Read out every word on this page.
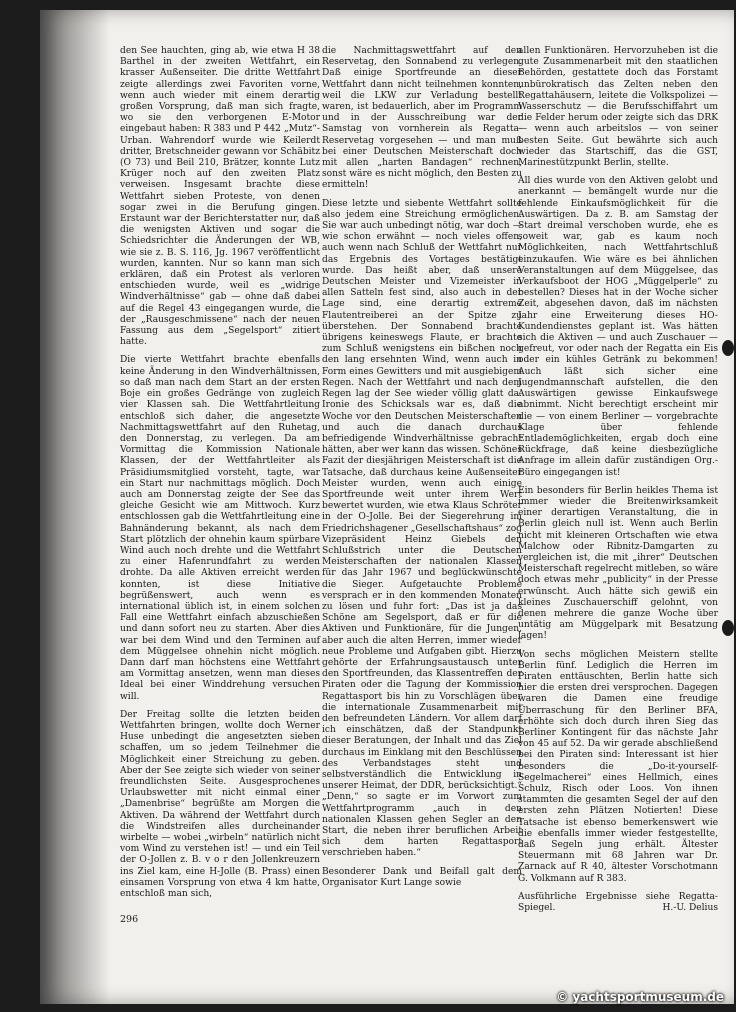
den See hauchten, ging ab, wie etwa H 38 Barthel in der zweiten Wettfahrt, ein krasser Außenseiter. Die dritte Wettfahrt zeigte allerdings zwei Favoriten vorne, wenn auch wieder mit einem derartig großen Vorsprung, daß man sich fragte, wo sie den verborgenen E-Motor eingebaut haben: R 383 und P 442 „Mutz“-Urban. Wahrendorf wurde wie Keilerdt dritter, Bretschneider gewann vor Schäbitz (O 73) und Beil 210, Brätzer, konnte Lutz Krüger noch auf den zweiten Platz verweisen. Insgesamt brachte diese Wettfahrt sieben Proteste, von denen sogar zwei in die Berufung gingen. Erstaunt war der Berichterstatter nur, daß die wenigsten Aktiven und sogar die Schiedsrichter die Änderungen der WB, wie sie z. B. S. 116, Jg. 1967 veröffentlicht wurden, kannten. Nur so kann man sich erklären, daß ein Protest als verloren entschieden wurde, weil es „widrige Windverhältnisse“ gab — ohne daß dabei auf die Regel 43 eingegangen wurde, die der „Rausgeschmissene“ nach der neuen Fassung aus dem „Segelsport“ zitiert hatte.

Die vierte Wettfahrt brachte ebenfalls keine Änderung in den Windverhältnissen, so daß man nach dem Start an der ersten Boje ein großes Gedränge von zugleich vier Klassen sah. Die Wettfahrtleitung entschloß sich daher, die angesetzte Nachmittagswettfahrt auf den Ruhetag, den Donnerstag, zu verlegen. Da am Vormittag die Kommission Nationale Klassen, der der Wettfahrtleiter als Präsidiumsmitglied vorsteht, tagte, war ein Start nur nachmittags möglich. Doch auch am Donnerstag zeigte der See das gleiche Gesicht wie am Mittwoch. Kurz entschlossen gab die Wettfahrtleitung eine Bahnänderung bekannt, als nach dem Start plötzlich der ohnehin kaum spürbare Wind auch noch drehte und die Wettfahrt zu einer Hafenrundfahrt zu werden drohte. Da alle Aktiven erreicht werden konnten, ist diese Initiative begrüßenswert, auch wenn es international üblich ist, in einem solchen Fall eine Wettfahrt einfach abzuschießen und dann sofort neu zu starten. Aber dies war bei dem Wind und den Terminen auf dem Müggelsee ohnehin nicht möglich. Dann darf man höchstens eine Wettfahrt am Vormittag ansetzen, wenn man dieses Ideal bei einer Winddrehung versuchen will.

Der Freitag sollte die letzten beiden Wettfahrten bringen, wollte doch Werner Huse unbedingt die angesetzten sieben schaffen, um so jedem Teilnehmer die Möglichkeit einer Streichung zu geben. Aber der See zeigte sich wieder von seiner freundlichsten Seite. Ausgesprochenes Urlaubswetter mit nicht einmal einer „Damenbrise“ begrüßte am Morgen die Aktiven. Da während der Wettfahrt durch die Windstreifen alles durcheinander wirbelte — wobei „wirbeln“ natürlich nicht vom Wind zu verstehen ist! — und ein Teil der O-Jollen z. B. v o r den Jollenkreuzern ins Ziel kam, eine H-Jolle (B. Prass) einen einsamen Vorsprung von etwa 4 km hatte, entschloß man sich,

die Nachmittagswettfahrt auf den Reservetag, den Sonnabend zu verlegen. Daß einige Sportfreunde an dieser Wettfahrt dann nicht teilnehmen konnten, weil die LKW zur Verladung bestellt waren, ist bedauerlich, aber im Programm und in der Ausschreibung war der Samstag von vornherein als Regatta-Reservetag vorgesehen — und man muß bei einer Deutschen Meisterschaft doch mit allen „harten Bandagen“ rechnen, sonst wäre es nicht möglich, den Besten zu ermitteln!

Diese letzte und siebente Wettfahrt sollte also jedem eine Streichung ermöglichen. Sie war auch unbedingt nötig, war doch — wie schon erwähnt — noch vieles offen, auch wenn nach Schluß der Wettfahrt nur das Ergebnis des Vortages bestätigt wurde. Das heißt aber, daß unsere Deutschen Meister und Vizemeister in allen Satteln fest sind, also auch in der Lage sind, eine derartig extreme Flautentreiberei an der Spitze zu überstehen. Der Sonnabend brachte übrigens keineswegs Flaute, er brachte zum Schluß wenigstens ein bißchen noch den lang ersehnten Wind, wenn auch in Form eines Gewitters und mit ausgiebigem Regen. Nach der Wettfahrt und nach dem Regen lag der See wieder völlig glatt da. Ironie des Schicksals war es, daß die Woche vor den Deutschen Meisterschaften und auch die danach durchaus befriedigende Windverhältnisse gebracht hätten, aber wer kann das wissen. Schönes Fazit der diesjährigen Meisterschaft ist die Tatsache, daß durchaus keine Außenseiter Meister wurden, wenn auch einige Sportfreunde weit unter ihrem Wert bewertet wurden, wie etwa Klaus Schröter in der O-Jolle. Bei der Siegerehrung im Friedrichshagener „Gesellschaftshaus“ zog Vizepräsident Heinz Giebels den Schlußstrich unter die Deutschen Meisterschaften der nationalen Klassen für das Jahr 1967 und beglückwünschte die Sieger. Aufgetauchte Probleme versprach er in den kommenden Monaten zu lösen und fuhr fort: „Das ist ja das Schöne am Segelsport, daß er für die Aktiven und Funktionäre, für die Jungen, aber auch die alten Herren, immer wieder neue Probleme und Aufgaben gibt. Hierzu gehörte der Erfahrungsaustausch unter den Sportfreunden, das Klassentreffen der Piraten oder die Tagung der Kommission Regattasport bis hin zu Vorschlägen über die internationale Zusammenarbeit mit den befreundeten Ländern. Vor allem darf ich einschätzen, daß der Standpunkt dieser Beratungen, der Inhalt und das Ziel durchaus im Einklang mit den Beschlüssen des Verbandstages steht und selbstverständlich die Entwicklung in unserer Heimat, der DDR, berücksichtigt.“ „Denn,“ so sagte er im Vorwort zum Wettfahrtprogramm „auch in den nationalen Klassen gehen Segler an den Start, die neben ihrer beruflichen Arbeit sich dem harten Regattasport verschrieben haben.“

Besonderer Dank und Beifall galt dem Organisator Kurt Lange sowie

allen Funktionären. Hervorzuheben ist die gute Zusammenarbeit mit den staatlichen Behörden, gestattete doch das Forstamt unbürokratisch das Zelten neben den Regattahäusern, leitete die Volkspolizei — Wasserschutz — die Berufsschiffahrt um die Felder herum oder zeigte sich das DRK — wenn auch arbeitslos — von seiner besten Seite. Gut bewährte sich auch wieder das Startschiff, das die GST, Marinestützpunkt Berlin, stellte.

All dies wurde von den Aktiven gelobt und anerkannt — bemängelt wurde nur die fehlende Einkaufsmöglichkeit für die Auswärtigen. Da z. B. am Samstag der Start dreimal verschoben wurde, ehe es soweit war, gab es kaum noch Möglichkeiten, nach Wettfahrtschluß einzukaufen. Wie wäre es bei ähnlichen Veranstaltungen auf dem Müggelsee, das Verkaufsboot der HOG „Müggelperle“ zu bestellen? Dieses hat in der Woche sicher Zeit, abgesehen davon, daß im nächsten Jahr eine Erweiterung dieses HO-Kundendienstes geplant ist. Was hätten sich die Aktiven — und auch Zuschauer — gefreut, vor oder nach der Regatta ein Eis oder ein kühles Getränk zu bekommen! Auch läßt sich sicher eine Jugendmannschaft aufstellen, die den Auswärtigen gewisse Einkaufswege abnimmt. Nicht berechtigt erscheint mir die — von einem Berliner — vorgebrachte Klage über fehlende Entlademöglichkeiten, ergab doch eine Rückfrage, daß keine diesbezügliche Anfrage im allein dafür zuständigen Org.-Büro eingegangen ist!

Ein besonders für Berlin heikles Thema ist immer wieder die Breitenwirksamkeit einer derartigen Veranstaltung, die in Berlin gleich null ist. Wenn auch Berlin nicht mit kleineren Ortschaften wie etwa Malchow oder Ribnitz-Damgarten zu vergleichen ist, die mit „ihrer“ Deutschen Meisterschaft regelrecht mitleben, so wäre doch etwas mehr „publicity“ in der Presse erwünscht. Auch hätte sich gewiß ein kleines Zuschauerschiff gelohnt, von denen mehrere die ganze Woche über untätig am Müggelpark mit Besatzung lagen!

Von sechs möglichen Meistern stellte Berlin fünf. Lediglich die Herren im Piraten enttäuschten, Berlin hatte sich hier die ersten drei versprochen. Dagegen waren die Damen eine freudige Überraschung für den Berliner BFA, erhöhte sich doch durch ihren Sieg das Berliner Kontingent für das nächste Jahr von 45 auf 52. Da wir gerade abschließend bei den Piraten sind: Interessant ist hier besonders die „Do-it-yourself-Segelmacherei“ eines Hellmich, eines Schulz, Risch oder Loos. Von ihnen stammten die gesamten Segel der auf den ersten zehn Plätzen Notierten! Diese Tatsache ist ebenso bemerkenswert wie die ebenfalls immer wieder festgestellte, daß Segeln jung erhält. Ältester Steuermann mit 68 Jahren war Dr. Zarnack auf R 40, ältester Vorschotmann G. Volkmann auf R 383.

Ausführliche Ergebnisse siehe Regatta-Spiegel.	H.-U. Delius

296
© yachtsportmuseum.de
